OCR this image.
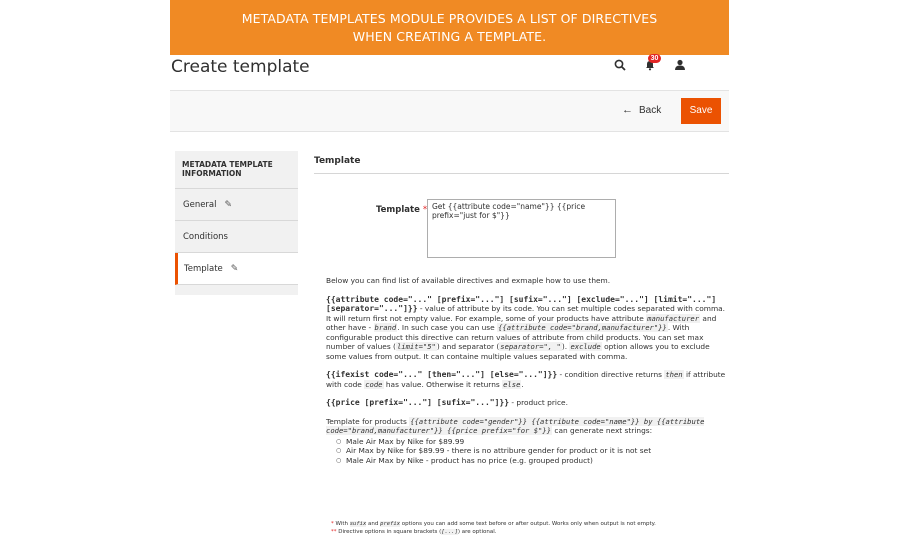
METADATA TEMPLATES MODULE PROVIDES A LIST OF DIRECTIVES
WHEN CREATING A TEMPLATE.
Create template	30
← Back	Save
METADATA TEMPLATE INFORMATION
General ✎
Conditions
Template ✎
Template
Template *
Get {{attribute code="name"}} {{price prefix="just for $"}}

Below you can find list of available directives and exmaple how to use them.

{{attribute code="..." [prefix="..."] [sufix="..."] [exclude="..."] [limit="..."] [separator="..."]}} - value of attribute by its code. You can set multiple codes separated with comma. It will return first not empty value. For example, some of your products have attribute manufacturer and other have - brand. In such case you can use {{attribute code="brand,manufacturer"}}. With configurable product this directive can return values of attribute from child products. You can set max number of values (limit="5") and separator (separator=", "). exclude option allows you to exclude some values from output. It can containe multiple values separated with comma.

{{ifexist code="..." [then="..."] [else="..."]}} - condition directive returns then if attribute with code code has value. Otherwise it returns else.

{{price [prefix="..."] [sufix="..."]}} - product price.

Template for products {{attribute code="gender"}} {{attribute code="name"}} by {{attribute code="brand,manufacturer"}} {{price prefix="for $"}} can generate next strings:
○ Male Air Max by Nike for $89.99
○ Air Max by Nike for $89.99 - there is no attribure gender for product or it is not set
○ Male Air Max by Nike - product has no price (e.g. grouped product)
* With sufix and prefix options you can add some text before or after output. Works only when output is not empty.
** Directive options in square brackets ([...]) are optional.
